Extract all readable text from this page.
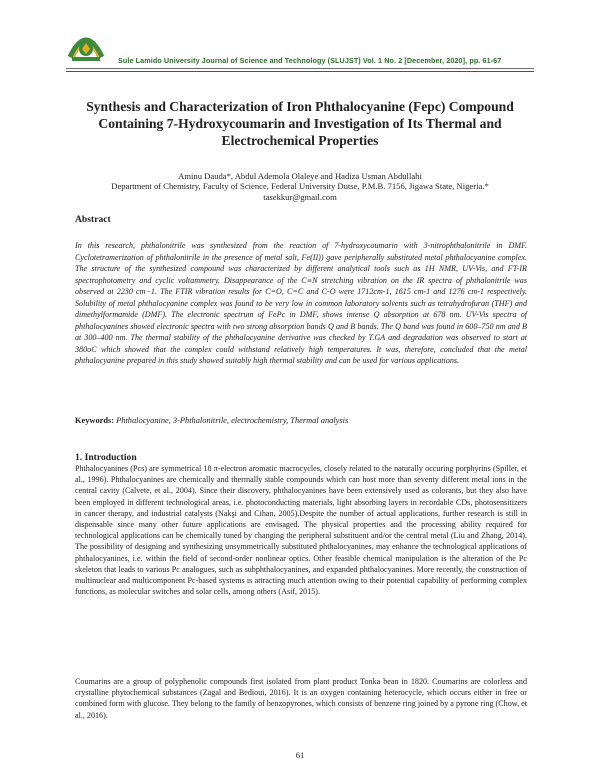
Sule Lamido University Journal of Science and Technology (SLUJST) Vol. 1 No. 2 [December, 2020], pp. 61-67
Synthesis and Characterization of Iron Phthalocyanine (Fepc) Compound
Containing 7-Hydroxycoumarin and Investigation of Its Thermal and
Electrochemical Properties
Aminu Dauda*, Abdul Ademola Olaleye and Hadiza Usman Abdullahi
Department of Chemistry, Faculty of Science, Federal University Dutse, P.M.B. 7156, Jigawa State, Nigeria.*
tasekkur@gmail.com
Abstract

In this research, phthalonitrile was synthesized from the reaction of 7-hydroxycoumarin with 3-nitrophthalonitrile in DMF. Cyclotetramerization of phthalonitrile in the presence of metal salt, Fe(II)) gave peripherally substituted metal phthalocyanine complex. The structure of the synthesized compound was characterized by different analytical tools such as 1H NMR, UV-Vis, and FT-IR spectrophotometry and cyclic voltammetry. Disappearance of the C≡N stretching vibration on the IR spectra of phthalonitrile was observed at 2230 cm−1. The FTIR vibration results for C=O, C=C and C-O were 1712cm-1, 1615 cm-1 and 1276 cm-1 respectively. Solubility of metal phthalocyanine complex was found to be very low in common laboratory solvents such as tetrahydrofuran (THF) and dimethylformamide (DMF). The electronic spectrum of FePc in DMF, shows intense Q absorption at 678 nm. UV-Vis spectra of phthalocyanines showed electronic spectra with two strong absorption bands Q and B bands. The Q band was found in 600–750 nm and B at 300–400 nm. The thermal stability of the phthalocyanine derivative was checked by T.GA and degradation was observed to start at 380oC which showed that the complex could withstand relatively high temperatures. It was, therefore, concluded that the metal phthalocyanine prepared in this study showed suitably high thermal stability and can be used for various applications.

Keywords: Phthalocyanine, 3-Phthalonitrile, electrochemistry, Thermal analysis
1. Introduction

Phthalocyanines (Pcs) are symmetrical 18 π-electron aromatic macrocycles, closely related to the naturally occuring porphyrins (Spiller, et al., 1996). Phthalocyanines are chemically and thermally stable compounds which can host more than seventy different metal ions in the central cavity (Calvete, et al., 2004). Since their discovery, phthalocyanines have been extensively used as colorants, but they also have been employed in different technological areas, i.e. photoconducting materials, light absorbing layers in recordable CDs, photosensitizers in cancer therapy, and industrial catalysts (Nakşi and Cihan, 2005).Despite the number of actual applications, further research is still in dispensable since many other future applications are envisaged. The physical properties and the processing ability required for technological applications can be chemically tuned by changing the peripheral substituent and/or the central metal (Liu and Zhang, 2014). The possibility of designing and synthesizing unsymmetrically substituted phthalocyanines, may enhance the technological applications of phthalocyanines, i.e. within the field of second-order nonlinear optics. Other feasible chemical manipulation is the alteration of the Pc skeleton that leads to various Pc analogues, such as subphthalocyanines, and expanded phthalocyanines. More recently, the construction of multinuclear and multicomponent Pc-based systems is attracting much attention owing to their potential capability of performing complex functions, as molecular switches and solar cells, among others (Asif, 2015).

Coumarins are a group of polyphenolic compounds first isolated from plant product Tonka bean in 1820. Coumarins are colorless and crystalline phytochemical substances (Zagal and Bedioui, 2016). It is an oxygen containing heterocycle, which occurs either in free or combined form with glucose. They belong to the family of benzopyrones, which consists of benzene ring joined by a pyrone ring (Chow, et al., 2016).

61
